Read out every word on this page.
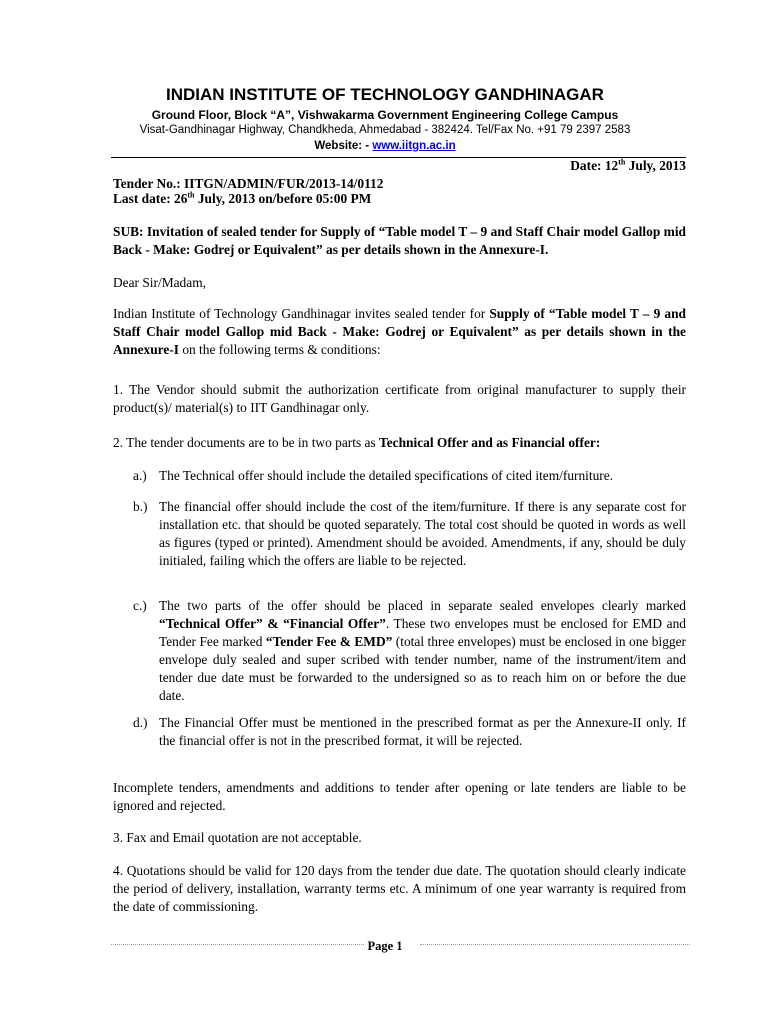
INDIAN INSTITUTE OF TECHNOLOGY GANDHINAGAR
Ground Floor, Block “A”, Vishwakarma Government Engineering College Campus
Visat-Gandhinagar Highway, Chandkheda, Ahmedabad - 382424. Tel/Fax No. +91 79 2397 2583
Website: - www.iitgn.ac.in
Date: 12th July, 2013
Tender No.: IITGN/ADMIN/FUR/2013-14/0112
Last date: 26th July, 2013 on/before 05:00 PM
SUB: Invitation of sealed tender for Supply of “Table model T – 9 and Staff Chair model Gallop mid Back - Make: Godrej or Equivalent” as per details shown in the Annexure-I.
Dear Sir/Madam,
Indian Institute of Technology Gandhinagar invites sealed tender for Supply of “Table model T – 9 and Staff Chair model Gallop mid Back - Make: Godrej or Equivalent” as per details shown in the Annexure-I on the following terms & conditions:
1. The Vendor should submit the authorization certificate from original manufacturer to supply their product(s)/ material(s) to IIT Gandhinagar only.
2. The tender documents are to be in two parts as Technical Offer and as Financial offer:
a.) The Technical offer should include the detailed specifications of cited item/furniture.
b.) The financial offer should include the cost of the item/furniture. If there is any separate cost for installation etc. that should be quoted separately. The total cost should be quoted in words as well as figures (typed or printed). Amendment should be avoided. Amendments, if any, should be duly initialed, failing which the offers are liable to be rejected.
c.) The two parts of the offer should be placed in separate sealed envelopes clearly marked “Technical Offer” & “Financial Offer”. These two envelopes must be enclosed for EMD and Tender Fee marked “Tender Fee & EMD” (total three envelopes) must be enclosed in one bigger envelope duly sealed and super scribed with tender number, name of the instrument/item and tender due date must be forwarded to the undersigned so as to reach him on or before the due date.
d.) The Financial Offer must be mentioned in the prescribed format as per the Annexure-II only. If the financial offer is not in the prescribed format, it will be rejected.
Incomplete tenders, amendments and additions to tender after opening or late tenders are liable to be ignored and rejected.
3. Fax and Email quotation are not acceptable.
4. Quotations should be valid for 120 days from the tender due date. The quotation should clearly indicate the period of delivery, installation, warranty terms etc. A minimum of one year warranty is required from the date of commissioning.
Page 1
